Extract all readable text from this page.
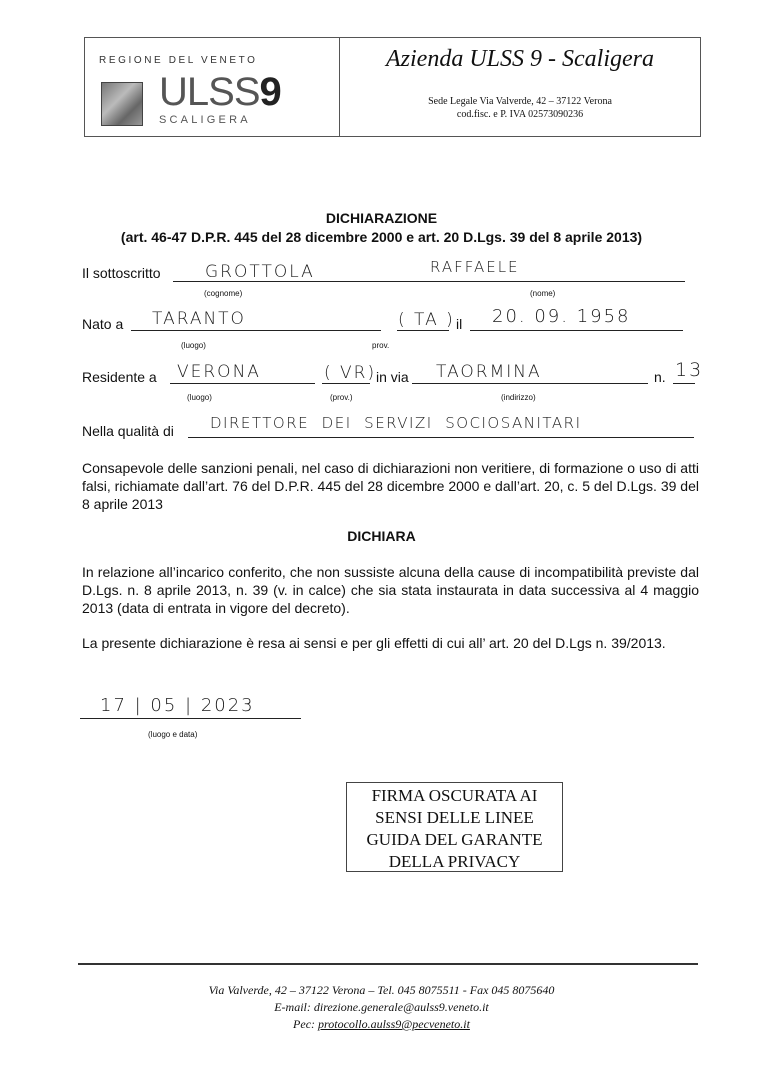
REGIONE DEL VENETO
ULSS9
SCALIGERA
Azienda ULSS 9 - Scaligera
Sede Legale Via Valverde, 42 – 37122 Verona
cod.fisc. e P. IVA 02573090236
DICHIARAZIONE
(art. 46-47 D.P.R. 445 del 28 dicembre 2000 e art. 20 D.Lgs. 39 del 8 aprile 2013)
Il sottoscritto	GROTTOLA	RAFFAELE
(cognome)	(nome)
Nato a TARANTO	( TA ) il 20. 09. 1958
(luogo)	prov.
Residente a VERONA	( VR) in via TAORMINA	n. 13
(luogo)	(prov.)	(indirizzo)
Nella qualità di DIRETTORE  DEI  SERVIZI  SOCIOSANITARI
Consapevole delle sanzioni penali, nel caso di dichiarazioni non veritiere, di formazione o uso di atti falsi, richiamate dall’art. 76 del D.P.R. 445 del 28 dicembre 2000 e dall’art. 20, c. 5 del D.Lgs. 39 del 8 aprile 2013
DICHIARA
In relazione all’incarico conferito, che non sussiste alcuna della cause di incompatibilità previste dal D.Lgs. n. 8 aprile 2013, n. 39 (v. in calce) che sia stata instaurata in data successiva al 4 maggio 2013 (data di entrata in vigore del decreto).
La presente dichiarazione è resa ai sensi e per gli effetti di cui all’ art. 20 del D.Lgs n. 39/2013.
17 | 05 | 2023
(luogo e data)
FIRMA OSCURATA AI
SENSI DELLE LINEE
GUIDA DEL GARANTE
DELLA PRIVACY
Via Valverde, 42 – 37122 Verona – Tel. 045 8075511 - Fax 045 8075640
E-mail: direzione.generale@aulss9.veneto.it
Pec: protocollo.aulss9@pecveneto.it
